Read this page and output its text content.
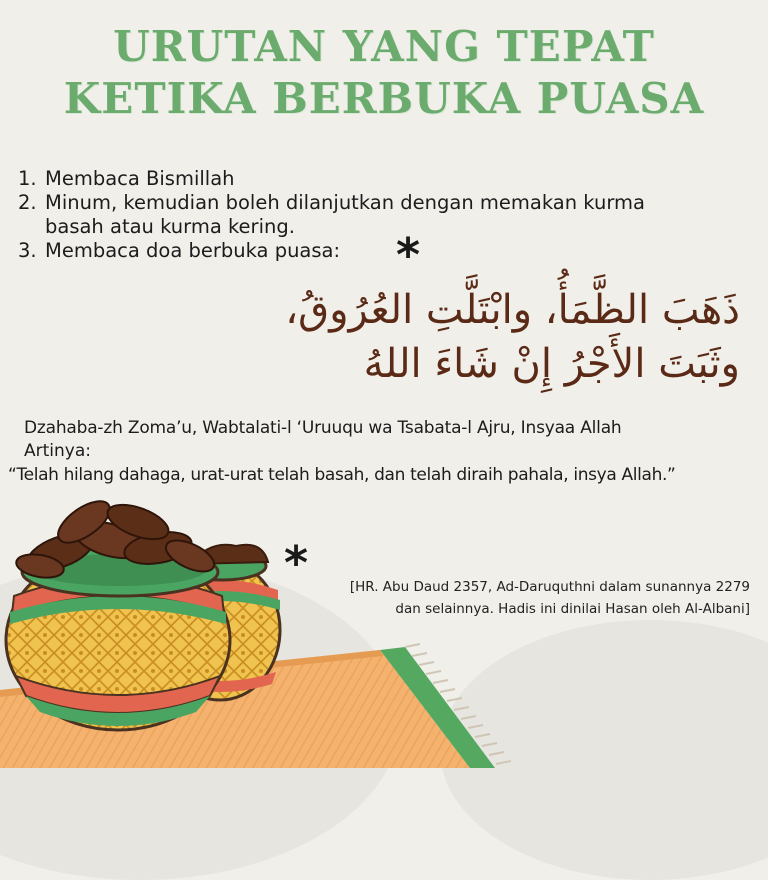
URUTAN YANG TEPAT
KETIKA BERBUKA PUASA
1. Membaca Bismillah
2. Minum, kemudian boleh dilanjutkan dengan memakan kurma
basah atau kurma kering.
3. Membaca doa berbuka puasa:	*
ذَهَبَ الظَّمَأُ، وابْتَلَّتِ العُرُوقُ،
وثَبَتَ الأَجْرُ إِنْ شَاءَ اللهُ
Dzahaba-zh Zoma’u, Wabtalati-l ‘Uruuqu wa Tsabata-l Ajru, Insyaa Allah
Artinya:
“Telah hilang dahaga, urat-urat telah basah, dan telah diraih pahala, insya Allah.”
*	[HR. Abu Daud 2357, Ad-Daruquthni dalam sunannya 2279
dan selainnya. Hadis ini dinilai Hasan oleh Al-Albani]
